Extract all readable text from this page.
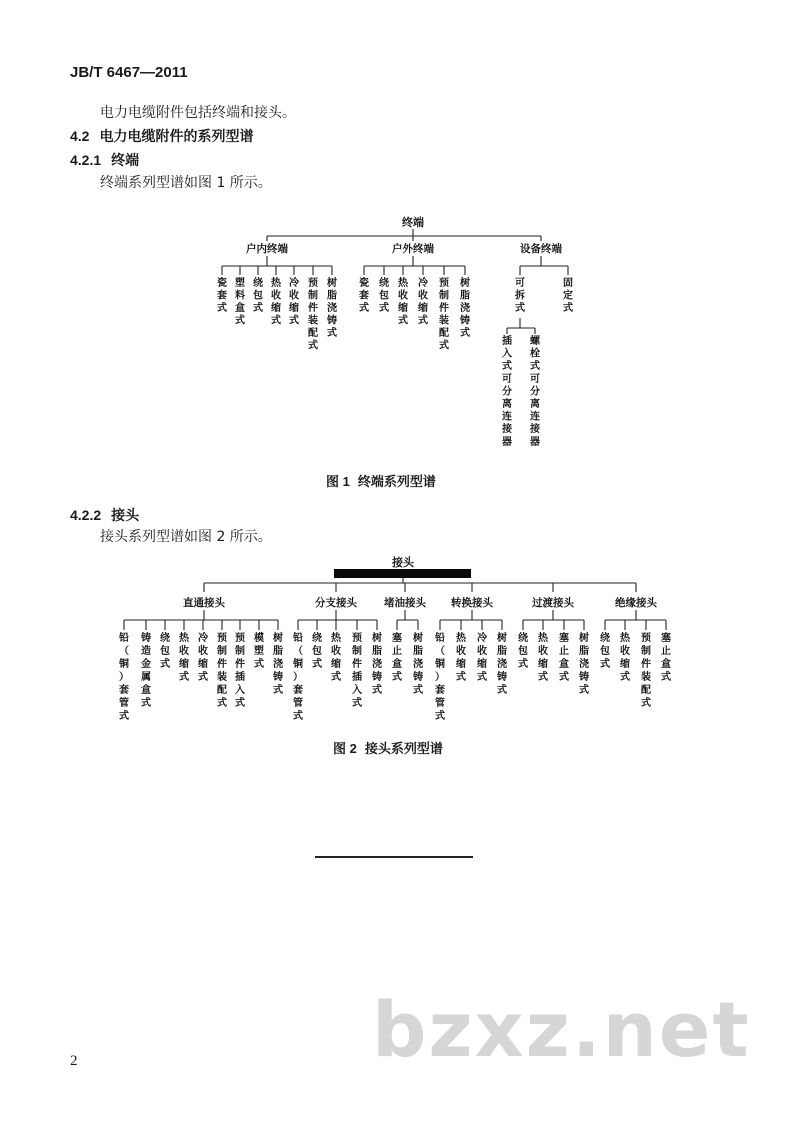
JB/T 6467—2011
电力电缆附件包括终端和接头。
4.2 电力电缆附件的系列型谱
4.2.1 终端
终端系列型谱如图 1 所示。
终端
户内终端
瓷套式
塑料盒式
绕包式
热收缩式
冷收缩式
预制件装配式
树脂浇铸式
户外终端
瓷套式
绕包式
热收缩式
冷收缩式
预制件装配式
树脂浇铸式
设备终端
可拆式
固定式
插入式可分离连接器
螺栓式可分离连接器
图 1 终端系列型谱
4.2.2 接头
接头系列型谱如图 2 所示。
接头
直通接头
铅（铜）套管式
铸造金属盒式
绕包式
热收缩式
冷收缩式
预制件装配式
预制件插入式
模塑式
树脂浇铸式
分支接头
铅（铜）套管式
绕包式
热收缩式
预制件插入式
树脂浇铸式
堵油接头
塞止盒式
树脂浇铸式
转换接头
铅（铜）套管式
热收缩式
冷收缩式
树脂浇铸式
过渡接头
绕包式
热收缩式
塞止盒式
树脂浇铸式
绝缘接头
绕包式
热收缩式
预制件装配式
塞止盒式
图 2 接头系列型谱
bzxz.net
2
